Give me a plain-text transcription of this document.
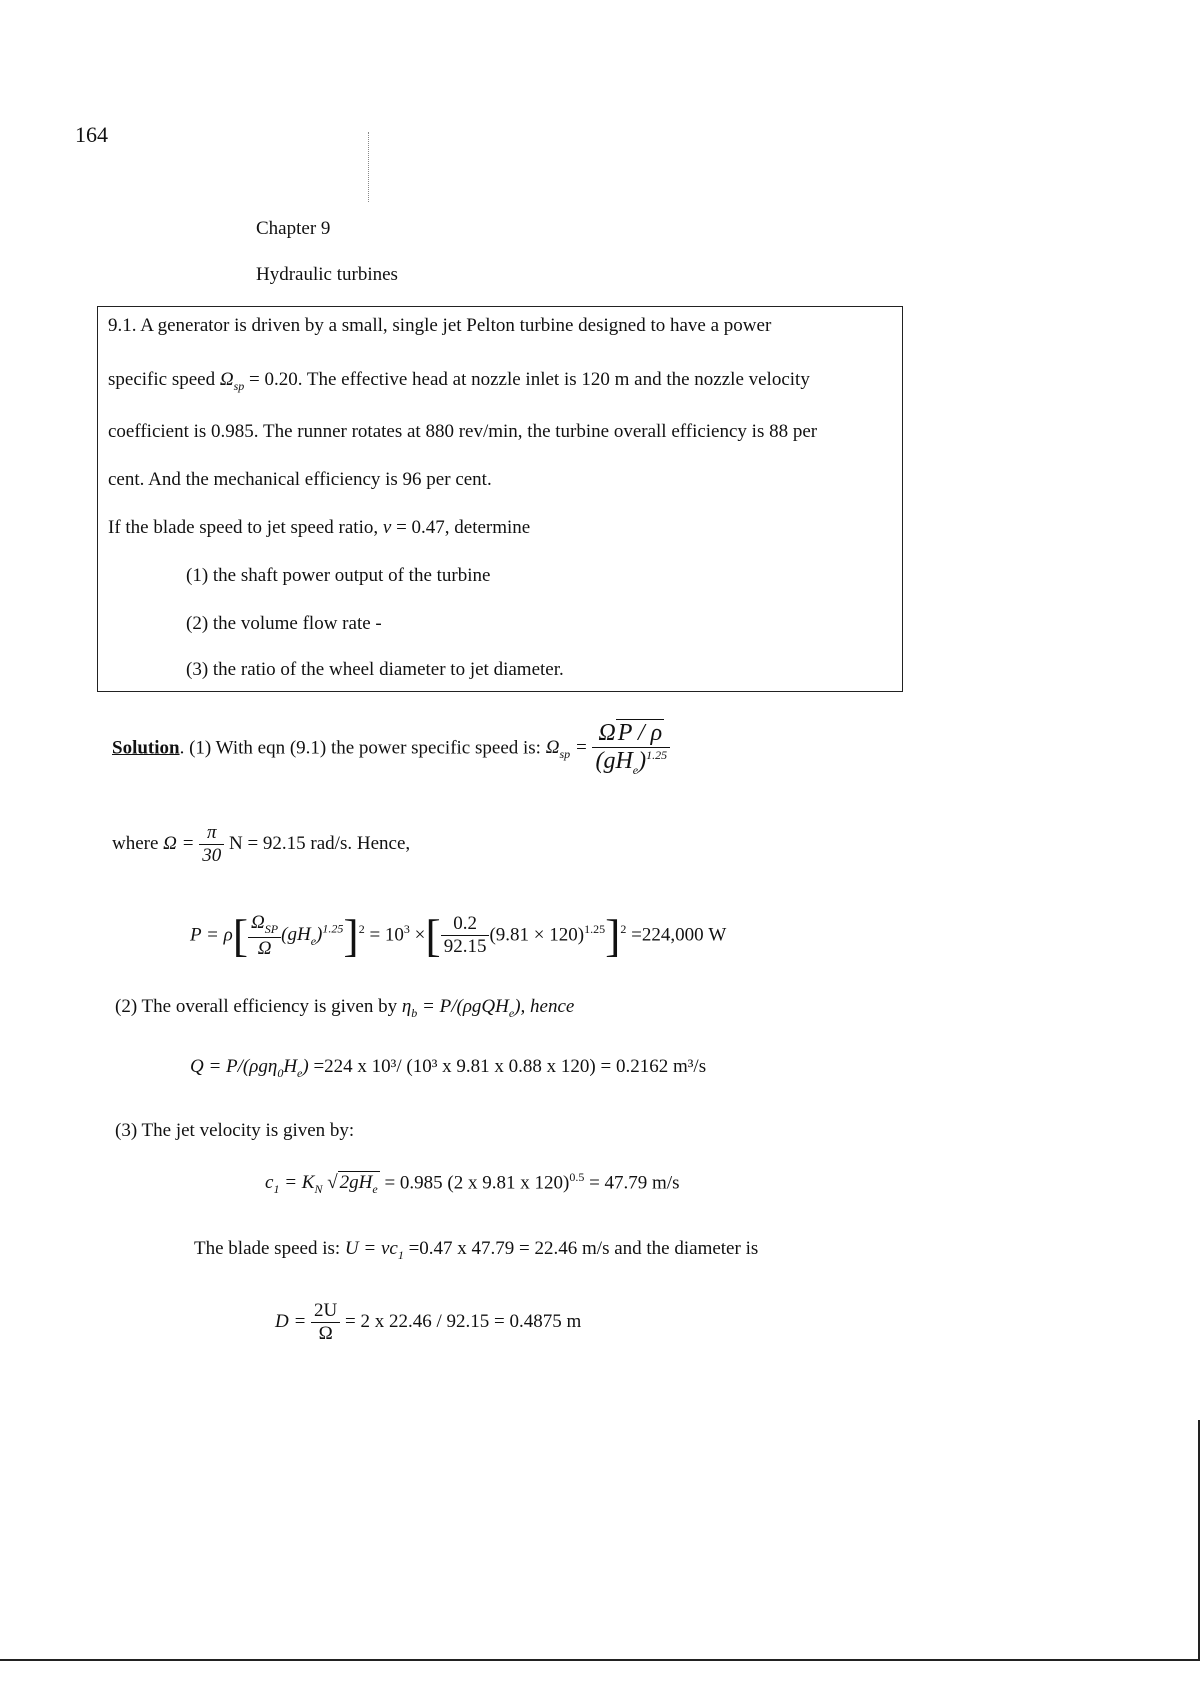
164
Chapter 9
Hydraulic turbines
9.1. A generator is driven by a small, single jet Pelton turbine designed to have a power
specific speed $\Omega_{sp} = 0.20$. The effective head at nozzle inlet is 120 m and the nozzle velocity
coefficient is 0.985. The runner rotates at 880 rev/min, the turbine overall efficiency is 88 per
cent. And the mechanical efficiency is 96 per cent.
If the blade speed to jet speed ratio, ν = 0.47, determine
(1) the shaft power output of the turbine
(2) the volume flow rate -
(3) the ratio of the wheel diameter to jet diameter.
Solution. (1) With eqn (9.1) the power specific speed is: $\Omega_{sp} = \frac{\Omega P / \rho}{(gH_e)^{1.25}}$
where $\Omega = \frac{\pi}{30}$ N = 92.15 rad/s. Hence,
$P = \rho[ \frac{\Omega_{SP}}{\Omega} (gH_e)^{1.25}]^2 = 10^3$ ×[ $\frac{0.2}{92.15} (9.81 \times 120)^{1.25}]^2 =224,000$ W
(2) The overall efficiency is given by $\eta_b = P/(\rho gQH_e)$, hence
$Q = P/(\rho g\eta_0H_e) =224$ x 10³/ (10³ x 9.81 x 0.88 x 120) = 0.2162 m³/s
(3) The jet velocity is given by:
$c_1 = K_N$ √ $2gH_e = 0.985$ (2 x 9.81 x 120)$^{0.5}$ = 47.79 m/s
The blade speed is: $U = \nu c_1 =0.47$ x 47.79 = 22.46 m/s and the diameter is
$D = \frac{2U}{\Omega} = 2$ x 22.46 / 92.15 = 0.4875 m
